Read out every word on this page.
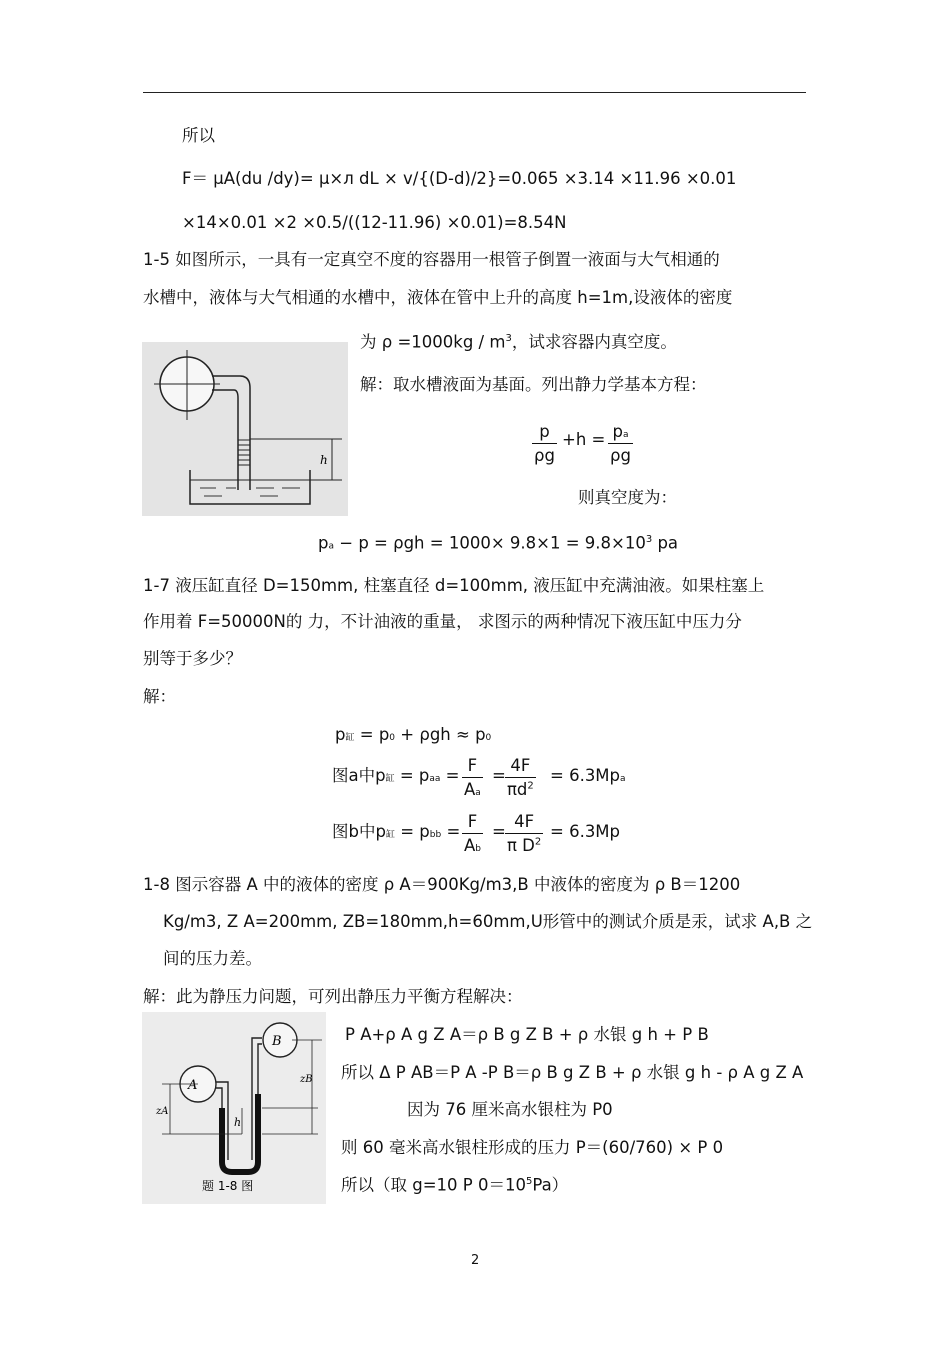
所以
F＝ μA(du /dy)= μ×л dL × v/{(D-d)/2}=0.065 ×3.14 ×11.96 ×0.01
×14×0.01 ×2 ×0.5/((12-11.96) ×0.01)=8.54N
1-5 如图所示，一具有一定真空不度的容器用一根管子倒置一液面与大气相通的
水槽中，液体与大气相通的水槽中，液体在管中上升的高度 h=1m,设液体的密度
为 $\rho =1000kg / m^3$，试求容器内真空度。
解：取水槽液面为基面。列出静力学基本方程：
h
p
ρg
+h = pa
ρg
则真空度为：
pa − $p = \rho gh = 1000\times 9.8\times 1 = 9.8\times 10^3$ pa
1-7 液压缸直径 D=150mm, 柱塞直径 d=100mm, 液压缸中充满油液。如果柱塞上
作用着 F=50000N的 力，不计油液的重量， 求图示的两种情况下液压缸中压力分
别等于多少？
解：
p缸 = p0 + ρgh ≈ p0
图a中p缸 = paa =
F
Aa
=
4F
$\pi d^2$
= 6.3Mpa
图b中p缸 = pbb =
F
Ab
=
4F
π $D^2$
= 6.3Mp
1-8 图示容器 A 中的液体的密度 ρ A＝900Kg/m3,B 中液体的密度为 ρ B＝1200
Kg/m3, Z A=200mm, ZB=180mm,h=60mm,U形管中的测试介质是汞，试求 A,B 之
间的压力差。
解：此为静压力问题，可列出静压力平衡方程解决：
B
A
zA
zB
h
题 1-8 图
P A+ρ A g Z A＝ρ B g Z B + ρ 水银 g h + P B
所以 Δ P AB＝P A -P B＝ρ B g Z B + ρ 水银 g h - ρ A g Z A
因为 76 厘米高水银柱为 P0
则 60 毫米高水银柱形成的压力 P＝(60/760) × P 0
所以（取 g=10 P $0=10^5Pa$）
2
